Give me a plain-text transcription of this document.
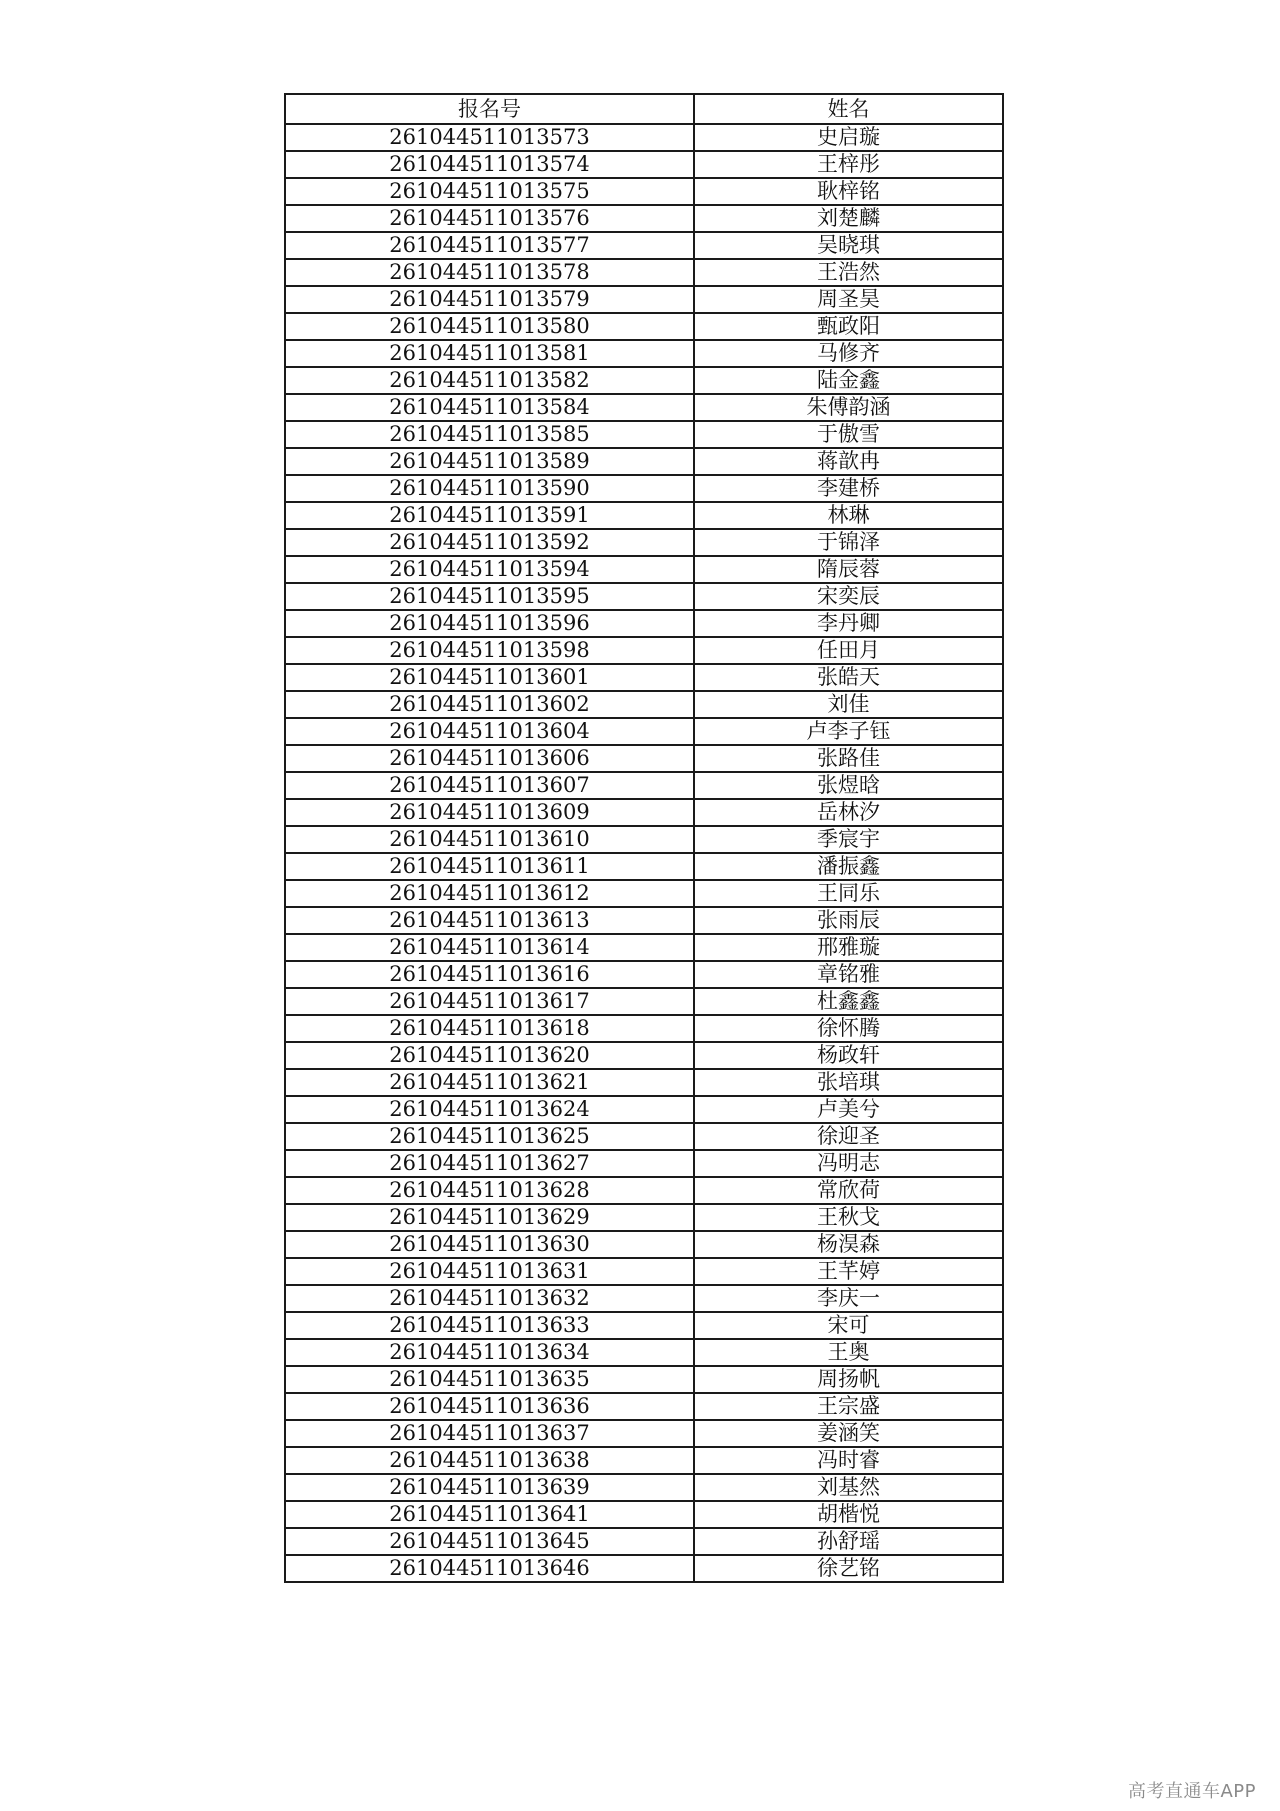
报名号	姓名
261044511013573	史启璇
261044511013574	王梓彤
261044511013575	耿梓铭
261044511013576	刘楚麟
261044511013577	吴晓琪
261044511013578	王浩然
261044511013579	周圣昊
261044511013580	甄政阳
261044511013581	马修齐
261044511013582	陆金鑫
261044511013584	朱傅韵涵
261044511013585	于傲雪
261044511013589	蒋歆冉
261044511013590	李建桥
261044511013591	林琳
261044511013592	于锦泽
261044511013594	隋辰蓉
261044511013595	宋奕辰
261044511013596	李丹卿
261044511013598	任田月
261044511013601	张皓天
261044511013602	刘佳
261044511013604	卢李子钰
261044511013606	张路佳
261044511013607	张煜晗
261044511013609	岳林汐
261044511013610	季宸宇
261044511013611	潘振鑫
261044511013612	王同乐
261044511013613	张雨辰
261044511013614	邢雅璇
261044511013616	章铭雅
261044511013617	杜鑫鑫
261044511013618	徐怀腾
261044511013620	杨政轩
261044511013621	张培琪
261044511013624	卢美兮
261044511013625	徐迎圣
261044511013627	冯明志
261044511013628	常欣荷
261044511013629	王秋戈
261044511013630	杨淏森
261044511013631	王芊婷
261044511013632	李庆一
261044511013633	宋可
261044511013634	王奥
261044511013635	周扬帆
261044511013636	王宗盛
261044511013637	姜涵笑
261044511013638	冯时睿
261044511013639	刘基然
261044511013641	胡楷悦
261044511013645	孙舒瑶
261044511013646	徐艺铭
高考直通车APP
